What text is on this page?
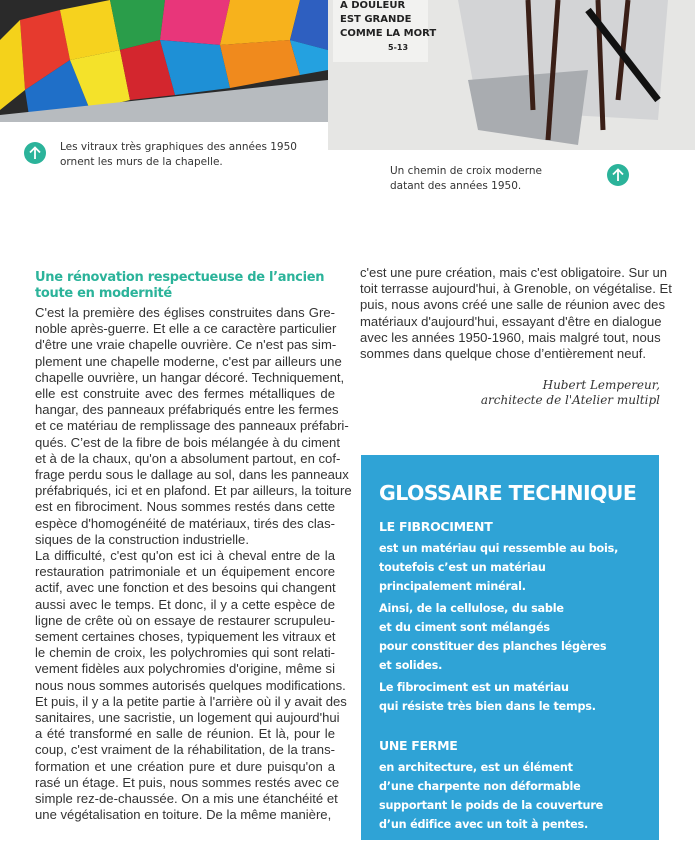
A DOULEUR
EST GRANDE
COMME LA MORT
5-13
Les vitraux très graphiques des années 1950
ornent les murs de la chapelle.
Un chemin de croix moderne
datant des années 1950.
Une rénovation respectueuse de l’ancien
toute en modernité
C'est la première des églises construites dans Gre-
noble après-guerre. Et elle a ce caractère particulier
d'être une vraie chapelle ouvrière. Ce n'est pas sim-
plement une chapelle moderne, c'est par ailleurs une
chapelle ouvrière, un hangar décoré. Techniquement,
elle est construite avec des fermes métalliques de
hangar, des panneaux préfabriqués entre les fermes
et ce matériau de remplissage des panneaux préfabri-
qués. C’est de la fibre de bois mélangée à du ciment
et à de la chaux, qu'on a absolument partout, en cof-
frage perdu sous le dallage au sol, dans les panneaux
préfabriqués, ici et en plafond. Et par ailleurs, la toiture
est en fibrociment. Nous sommes restés dans cette
espèce d'homogénéité de matériaux, tirés des clas-
siques de la construction industrielle.
La difficulté, c'est qu'on est ici à cheval entre de la
restauration patrimoniale et un équipement encore
actif, avec une fonction et des besoins qui changent
aussi avec le temps. Et donc, il y a cette espèce de
ligne de crête où on essaye de restaurer scrupuleu-
sement certaines choses, typiquement les vitraux et
le chemin de croix, les polychromies qui sont relati-
vement fidèles aux polychromies d'origine, même si
nous nous sommes autorisés quelques modifications.
Et puis, il y a la petite partie à l'arrière où il y avait des
sanitaires, une sacristie, un logement qui aujourd'hui
a été transformé en salle de réunion. Et là, pour le
coup, c'est vraiment de la réhabilitation, de la trans-
formation et une création pure et dure puisqu'on a
rasé un étage. Et puis, nous sommes restés avec ce
simple rez-de-chaussée. On a mis une étanchéité et
une végétalisation en toiture. De la même manière,
c'est une pure création, mais c'est obligatoire. Sur un
toit terrasse aujourd'hui, à Grenoble, on végétalise. Et
puis, nous avons créé une salle de réunion avec des
matériaux d'aujourd'hui, essayant d'être en dialogue
avec les années 1950-1960, mais malgré tout, nous
sommes dans quelque chose d’entièrement neuf.
Hubert Lempereur,
architecte de l'Atelier multipl
GLOSSAIRE TECHNIQUE
LE FIBROCIMENT
est un matériau qui ressemble au bois,
toutefois c’est un matériau
principalement minéral.
Ainsi, de la cellulose, du sable
et du ciment sont mélangés
pour constituer des planches légères
et solides.
Le fibrociment est un matériau
qui résiste très bien dans le temps.
UNE FERME
en architecture, est un élément
d’une charpente non déformable
supportant le poids de la couverture
d’un édifice avec un toit à pentes.
